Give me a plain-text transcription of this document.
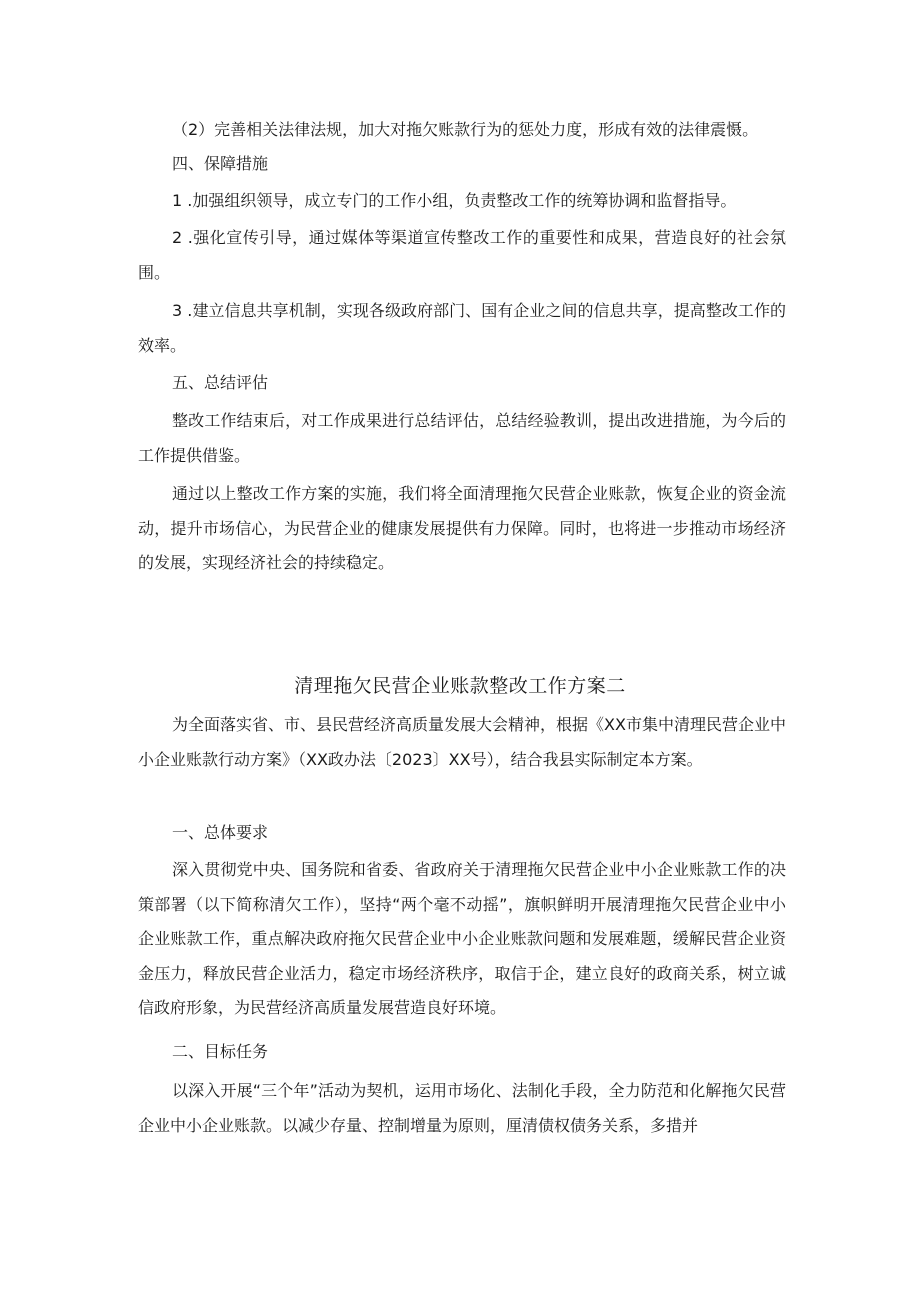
（2）完善相关法律法规，加大对拖欠账款行为的惩处力度，形成有效的法律震慑。

四、保障措施

1 .加强组织领导，成立专门的工作小组，负责整改工作的统筹协调和监督指导。

2 .强化宣传引导，通过媒体等渠道宣传整改工作的重要性和成果，营造良好的社会氛围。

3 .建立信息共享机制，实现各级政府部门、国有企业之间的信息共享，提高整改工作的效率。

五、总结评估

整改工作结束后，对工作成果进行总结评估，总结经验教训，提出改进措施，为今后的工作提供借鉴。

通过以上整改工作方案的实施，我们将全面清理拖欠民营企业账款，恢复企业的资金流动，提升市场信心，为民营企业的健康发展提供有力保障。同时，也将进一步推动市场经济的发展，实现经济社会的持续稳定。

清理拖欠民营企业账款整改工作方案二

为全面落实省、市、县民营经济高质量发展大会精神，根据《XX市集中清理民营企业中小企业账款行动方案》（XX政办法〔2023〕XX号），结合我县实际制定本方案。

一、总体要求

深入贯彻党中央、国务院和省委、省政府关于清理拖欠民营企业中小企业账款工作的决策部署（以下简称清欠工作），坚持“两个毫不动摇”，旗帜鲜明开展清理拖欠民营企业中小企业账款工作，重点解决政府拖欠民营企业中小企业账款问题和发展难题，缓解民营企业资金压力，释放民营企业活力，稳定市场经济秩序，取信于企，建立良好的政商关系，树立诚信政府形象，为民营经济高质量发展营造良好环境。

二、目标任务

以深入开展“三个年”活动为契机，运用市场化、法制化手段，全力防范和化解拖欠民营企业中小企业账款。以减少存量、控制增量为原则，厘清债权债务关系，多措并
